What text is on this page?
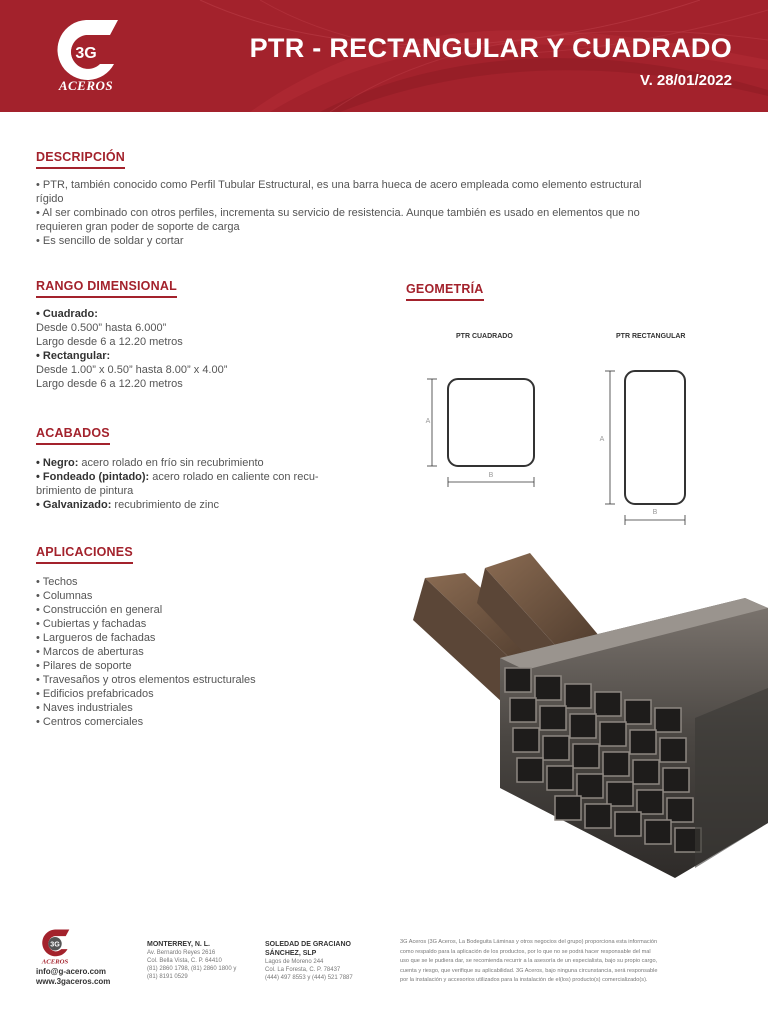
3G
ACEROS
PTR - RECTANGULAR Y CUADRADO
V. 28/01/2022
DESCRIPCIÓN
• PTR, también conocido como Perfil Tubular Estructural, es una barra hueca de acero empleada como elemento estructural
rígido
• Al ser combinado con otros perfiles, incrementa su servicio de resistencia. Aunque también es usado en elementos que no
requieren gran poder de soporte de carga
• Es sencillo de soldar y cortar
RANGO DIMENSIONAL
• Cuadrado:
Desde 0.500” hasta 6.000”
Largo desde 6 a 12.20 metros
• Rectangular:
Desde 1.00” x 0.50” hasta 8.00” x 4.00”
Largo desde 6 a 12.20 metros
ACABADOS
• Negro: acero rolado en frío sin recubrimiento
• Fondeado (pintado): acero rolado en caliente con recu-
brimiento de pintura
• Galvanizado: recubrimiento de zinc
APLICACIONES
• Techos
• Columnas
• Construcción en general
• Cubiertas y fachadas
• Largueros de fachadas
• Marcos de aberturas
• Pilares de soporte
• Travesaños y otros elementos estructurales
• Edificios prefabricados
• Naves industriales
• Centros comerciales
GEOMETRÍA
PTR CUADRADO	PTR RECTANGULAR
A
B
A
B
3G
ACEROS
info@g-acero.com
www.3gaceros.com
MONTERREY, N. L.
Av. Bernardo Reyes 2616
Col. Bella Vista, C. P. 64410
(81) 2860 1798, (81) 2860 1800 y
(81) 8191 0529
SOLEDAD DE GRACIANO
SÁNCHEZ, SLP
Lagos de Moreno 244
Col. La Foresta, C. P. 78437
(444) 497 8553 y (444) 521 7887
3G Aceros (3G Aceros, La Bodeguita Láminas y otros negocios del grupo) proporciona esta información
como respaldo para la aplicación de los productos, por lo que no se podrá hacer responsable del mal
uso que se le pudiera dar, se recomienda recurrir a la asesoría de un especialista, bajo su propio cargo,
cuenta y riesgo, que verifique su aplicabilidad. 3G Aceros, bajo ninguna circunstancia, será responsable
por la instalación y accesorios utilizados para la instalación de el(los) producto(s) comercializado(s).
